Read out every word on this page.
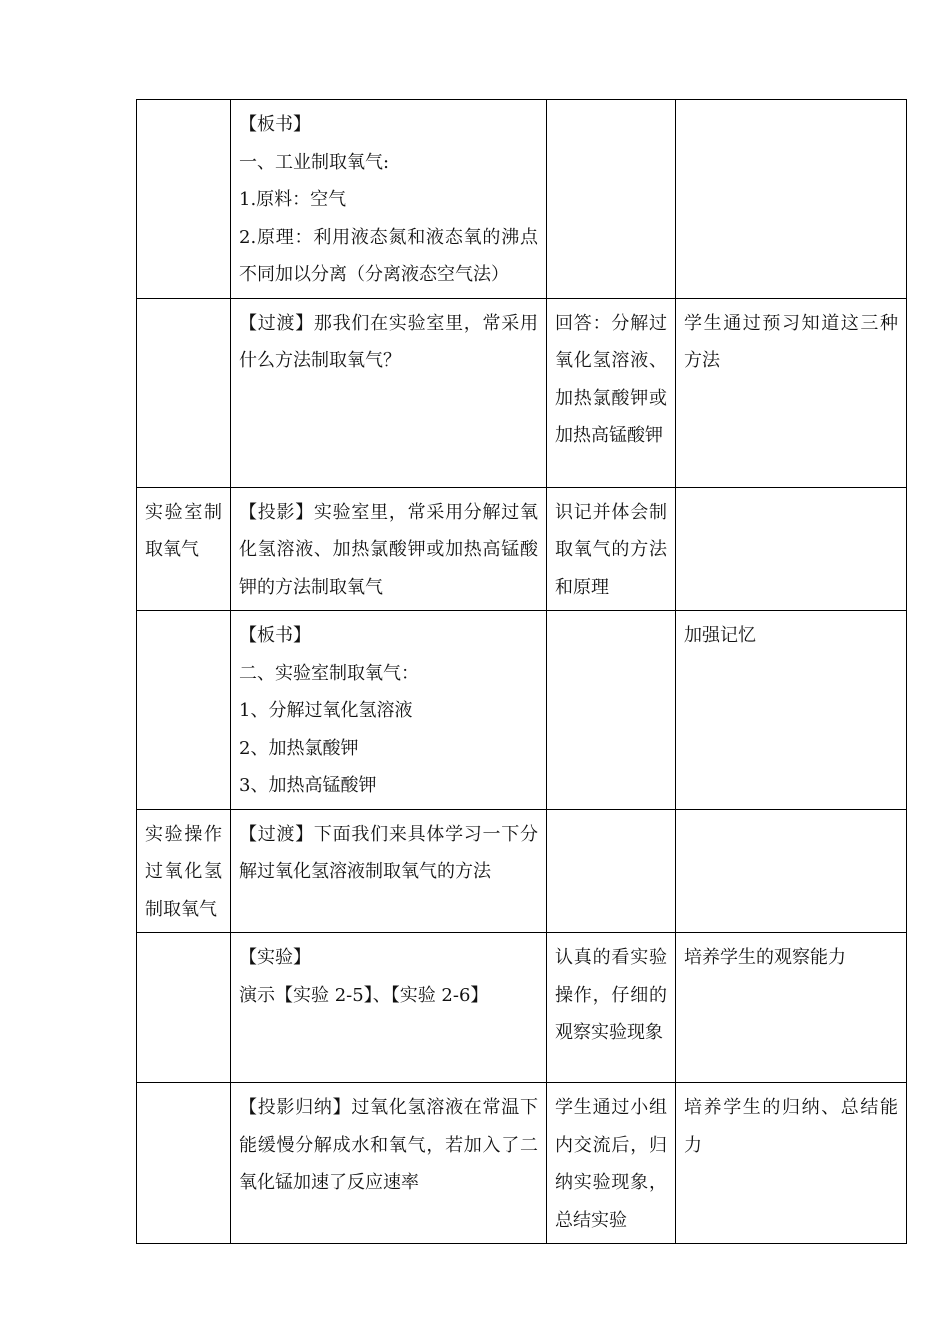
	【板书】
一、工业制取氧气:
1.原料：空气
2.原理：利用液态氮和液态氧的沸点不同加以分离（分离液态空气法）		

	【过渡】那我们在实验室里，常采用什么方法制取氧气？	回答：分解过氧化氢溶液、加热氯酸钾或加热高锰酸钾	学生通过预习知道这三种方法

实验室制取氧气	【投影】实验室里，常采用分解过氧化氢溶液、加热氯酸钾或加热高锰酸钾的方法制取氧气	识记并体会制取氧气的方法和原理	

	【板书】
二、实验室制取氧气：
1、分解过氧化氢溶液
2、加热氯酸钾
3、加热高锰酸钾		加强记忆

实验操作过氧化氢制取氧气	【过渡】下面我们来具体学习一下分解过氧化氢溶液制取氧气的方法		

	【实验】
演示【实验 2-5】、【实验 2-6】	认真的看实验操作，仔细的观察实验现象	培养学生的观察能力

	【投影归纳】过氧化氢溶液在常温下能缓慢分解成水和氧气，若加入了二氧化锰加速了反应速率	学生通过小组内交流后，归纳实验现象，总结实验	培养学生的归纳、总结能力
